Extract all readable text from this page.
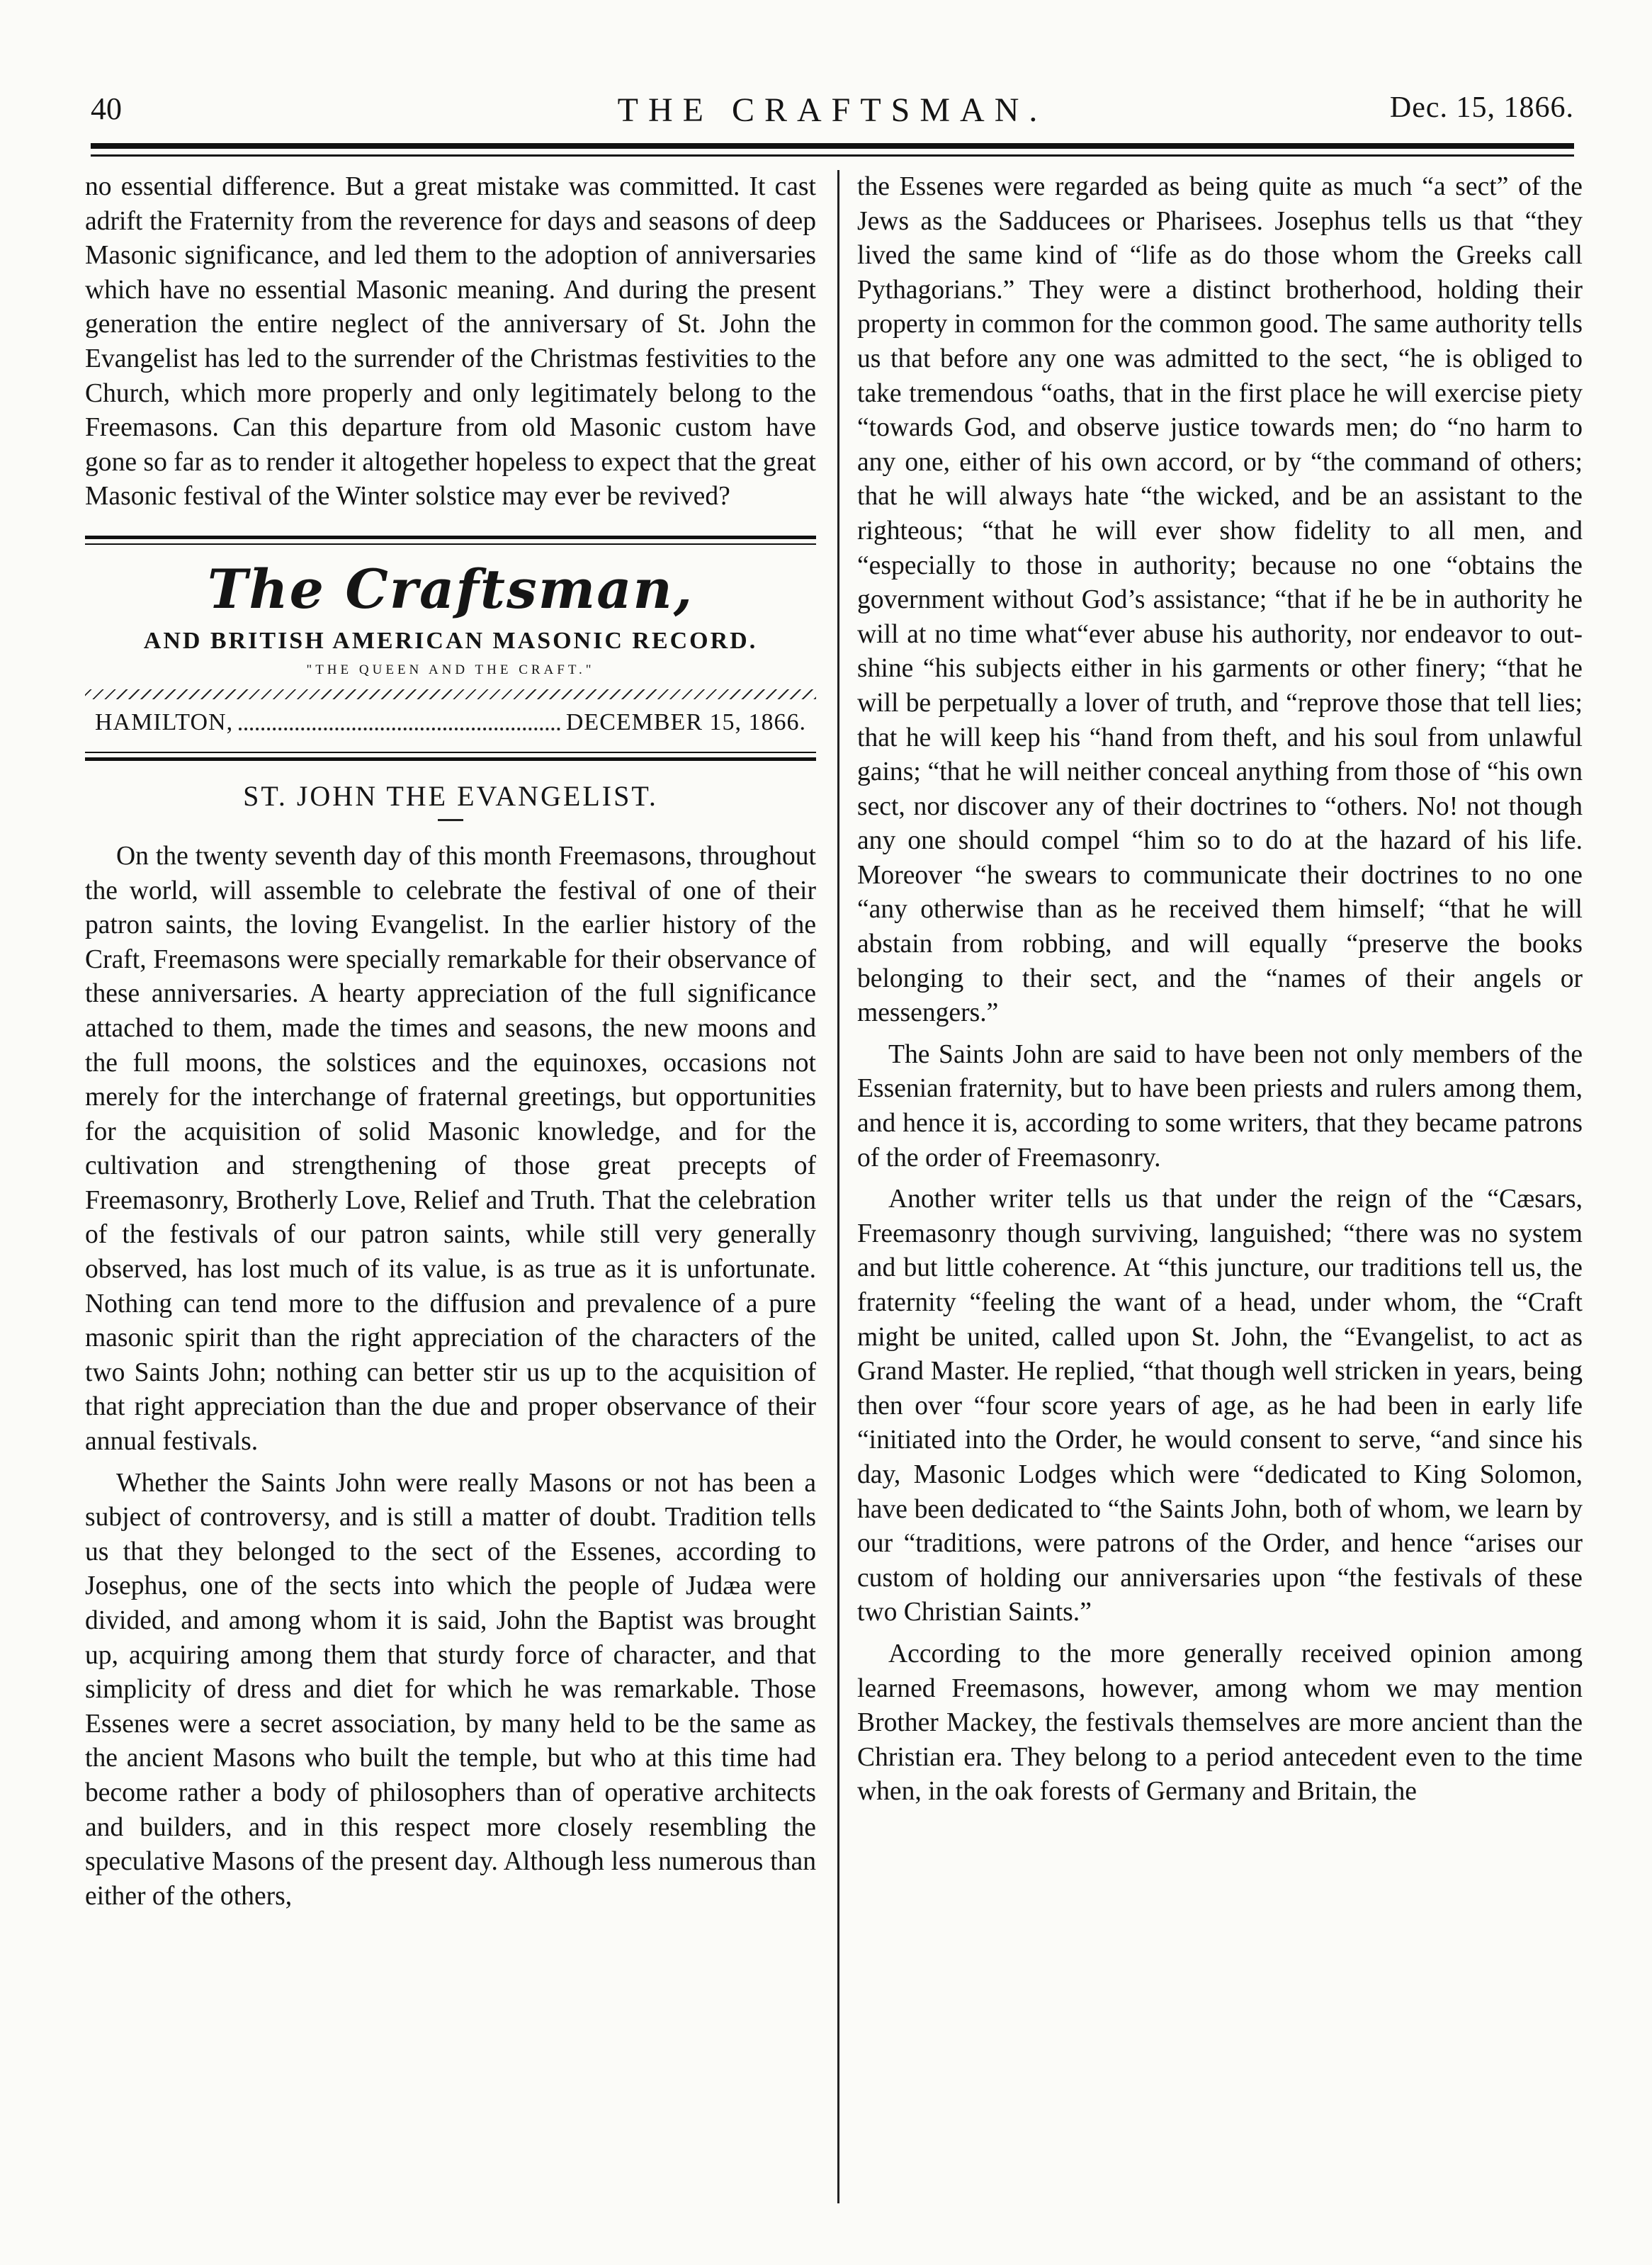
40	THE CRAFTSMAN.	Dec. 15, 1866.

no essential difference. But a great mistake was committed. It cast adrift the Fraternity from the reverence for days and seasons of deep Masonic significance, and led them to the adoption of anniversaries which have no essential Masonic meaning. And during the present generation the entire neglect of the anniversary of St. John the Evangelist has led to the surrender of the Christmas festivities to the Church, which more properly and only legitimately belong to the Freemasons. Can this departure from old Masonic custom have gone so far as to render it altogether hopeless to expect that the great Masonic festival of the Winter solstice may ever be revived?

The Craftsman,
AND BRITISH AMERICAN MASONIC RECORD.
"THE QUEEN AND THE CRAFT."
HAMILTON,	DECEMBER 15, 1866.
ST. JOHN THE EVANGELIST.

On the twenty seventh day of this month Freemasons, throughout the world, will assemble to celebrate the festival of one of their patron saints, the loving Evangelist. In the earlier history of the Craft, Freemasons were specially remarkable for their observance of these anniversaries. A hearty appreciation of the full significance attached to them, made the times and seasons, the new moons and the full moons, the solstices and the equinoxes, occasions not merely for the interchange of fraternal greetings, but opportunities for the acquisition of solid Masonic knowledge, and for the cultivation and strengthening of those great precepts of Freemasonry, Brotherly Love, Relief and Truth. That the celebration of the festivals of our patron saints, while still very generally observed, has lost much of its value, is as true as it is unfortunate. Nothing can tend more to the diffusion and prevalence of a pure masonic spirit than the right appreciation of the characters of the two Saints John; nothing can better stir us up to the acquisition of that right appreciation than the due and proper observance of their annual festivals.

Whether the Saints John were really Masons or not has been a subject of controversy, and is still a matter of doubt. Tradition tells us that they belonged to the sect of the Essenes, according to Josephus, one of the sects into which the people of Judæa were divided, and among whom it is said, John the Baptist was brought up, acquiring among them that sturdy force of character, and that simplicity of dress and diet for which he was remarkable. Those Essenes were a secret association, by many held to be the same as the ancient Masons who built the temple, but who at this time had become rather a body of philosophers than of operative architects and builders, and in this respect more closely resembling the speculative Masons of the present day. Although less numerous than either of the others,

the Essenes were regarded as being quite as much “a sect” of the Jews as the Sadducees or Pharisees. Josephus tells us that “they lived the same kind of “life as do those whom the Greeks call Pythagorians.” They were a distinct brotherhood, holding their property in common for the common good. The same authority tells us that before any one was admitted to the sect, “he is obliged to take tremendous “oaths, that in the first place he will exercise piety “towards God, and observe justice towards men; do “no harm to any one, either of his own accord, or by “the command of others; that he will always hate “the wicked, and be an assistant to the righteous; “that he will ever show fidelity to all men, and “especially to those in authority; because no one “obtains the government without God’s assistance; “that if he be in authority he will at no time what“ever abuse his authority, nor endeavor to out-shine “his subjects either in his garments or other finery; “that he will be perpetually a lover of truth, and “reprove those that tell lies; that he will keep his “hand from theft, and his soul from unlawful gains; “that he will neither conceal anything from those of “his own sect, nor discover any of their doctrines to “others. No! not though any one should compel “him so to do at the hazard of his life. Moreover “he swears to communicate their doctrines to no one “any otherwise than as he received them himself; “that he will abstain from robbing, and will equally “preserve the books belonging to their sect, and the “names of their angels or messengers.”

The Saints John are said to have been not only members of the Essenian fraternity, but to have been priests and rulers among them, and hence it is, according to some writers, that they became patrons of the order of Freemasonry.

Another writer tells us that under the reign of the “Cæsars, Freemasonry though surviving, languished; “there was no system and but little coherence. At “this juncture, our traditions tell us, the fraternity “feeling the want of a head, under whom, the “Craft might be united, called upon St. John, the “Evangelist, to act as Grand Master. He replied, “that though well stricken in years, being then over “four score years of age, as he had been in early life “initiated into the Order, he would consent to serve, “and since his day, Masonic Lodges which were “dedicated to King Solomon, have been dedicated to “the Saints John, both of whom, we learn by our “traditions, were patrons of the Order, and hence “arises our custom of holding our anniversaries upon “the festivals of these two Christian Saints.”

According to the more generally received opinion among learned Freemasons, however, among whom we may mention Brother Mackey, the festivals themselves are more ancient than the Christian era. They belong to a period antecedent even to the time when, in the oak forests of Germany and Britain, the
